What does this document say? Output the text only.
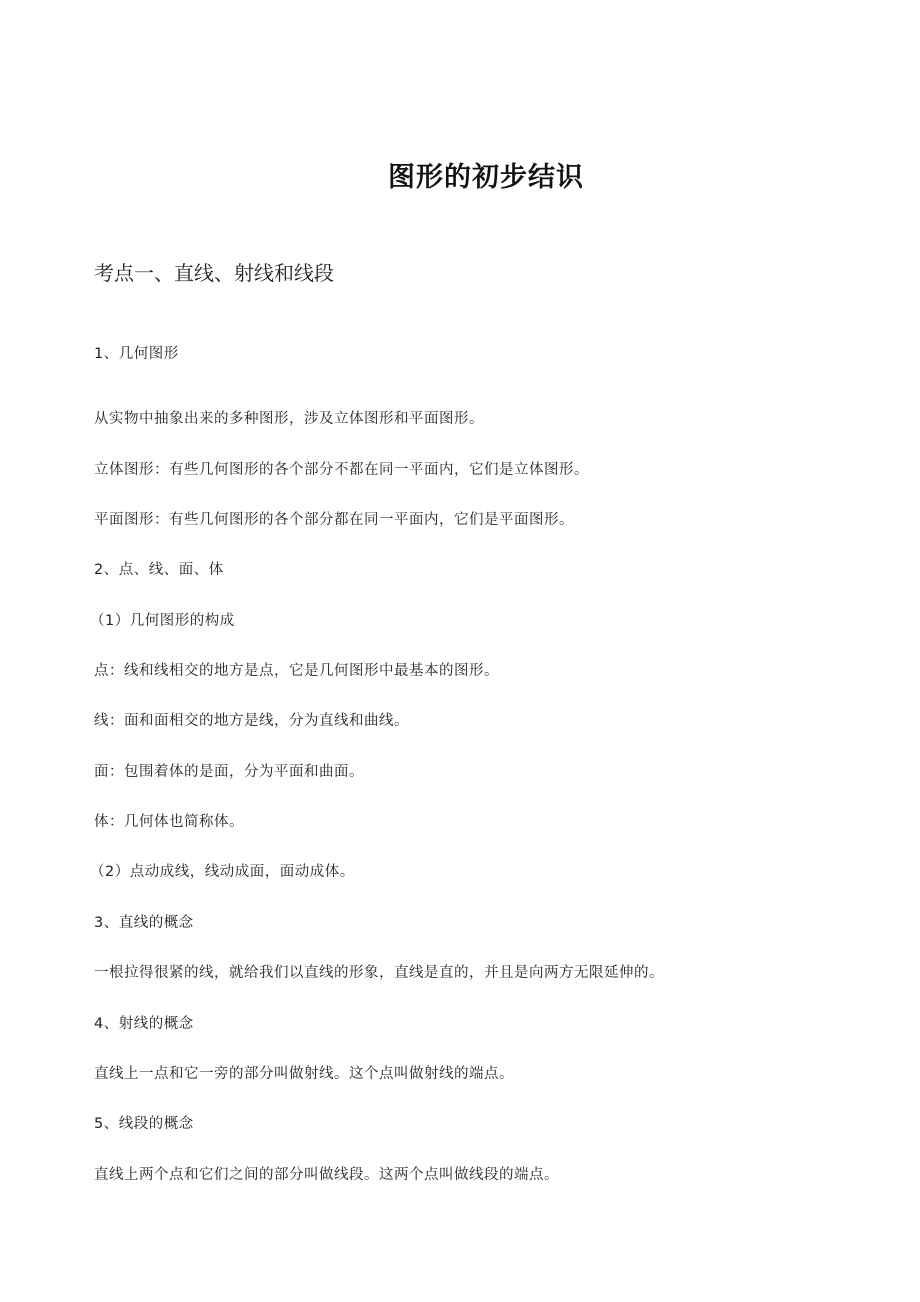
图形的初步结识
考点一、直线、射线和线段
1、几何图形
从实物中抽象出来的多种图形，涉及立体图形和平面图形。
立体图形：有些几何图形的各个部分不都在同一平面内，它们是立体图形。
平面图形：有些几何图形的各个部分都在同一平面内，它们是平面图形。
2、点、线、面、体
（1）几何图形的构成
点：线和线相交的地方是点，它是几何图形中最基本的图形。
线：面和面相交的地方是线，分为直线和曲线。
面：包围着体的是面，分为平面和曲面。
体：几何体也简称体。
（2）点动成线，线动成面，面动成体。
3、直线的概念
一根拉得很紧的线，就给我们以直线的形象，直线是直的，并且是向两方无限延伸的。
4、射线的概念
直线上一点和它一旁的部分叫做射线。这个点叫做射线的端点。
5、线段的概念
直线上两个点和它们之间的部分叫做线段。这两个点叫做线段的端点。
